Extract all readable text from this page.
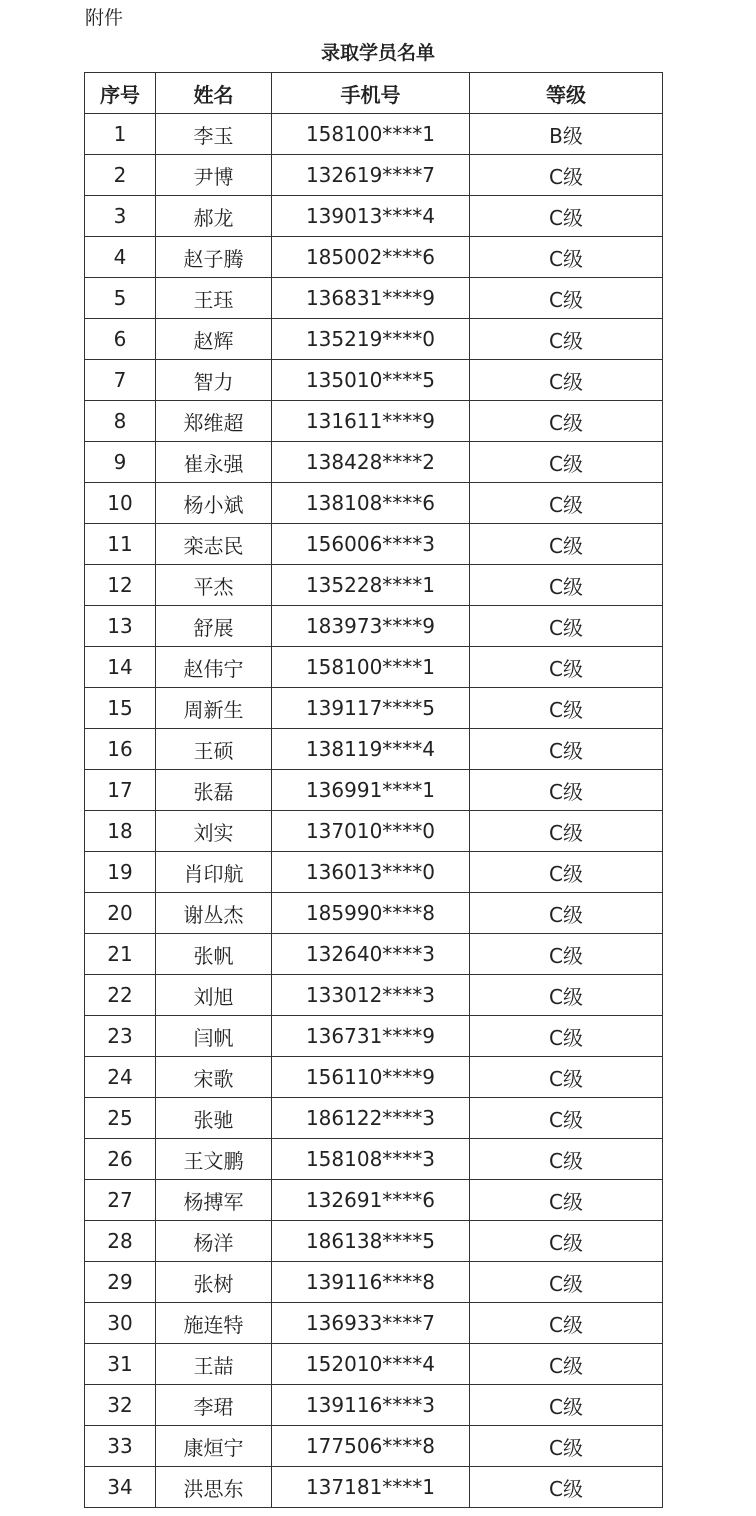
附件
录取学员名单
序号	姓名	手机号	等级
1	李玉	158100****1	B级
2	尹博	132619****7	C级
3	郝龙	139013****4	C级
4	赵子腾	185002****6	C级
5	王珏	136831****9	C级
6	赵辉	135219****0	C级
7	智力	135010****5	C级
8	郑维超	131611****9	C级
9	崔永强	138428****2	C级
10	杨小斌	138108****6	C级
11	栾志民	156006****3	C级
12	平杰	135228****1	C级
13	舒展	183973****9	C级
14	赵伟宁	158100****1	C级
15	周新生	139117****5	C级
16	王硕	138119****4	C级
17	张磊	136991****1	C级
18	刘实	137010****0	C级
19	肖印航	136013****0	C级
20	谢丛杰	185990****8	C级
21	张帆	132640****3	C级
22	刘旭	133012****3	C级
23	闫帆	136731****9	C级
24	宋歌	156110****9	C级
25	张驰	186122****3	C级
26	王文鹏	158108****3	C级
27	杨搏军	132691****6	C级
28	杨洋	186138****5	C级
29	张树	139116****8	C级
30	施连特	136933****7	C级
31	王喆	152010****4	C级
32	李珺	139116****3	C级
33	康烜宁	177506****8	C级
34	洪思东	137181****1	C级
